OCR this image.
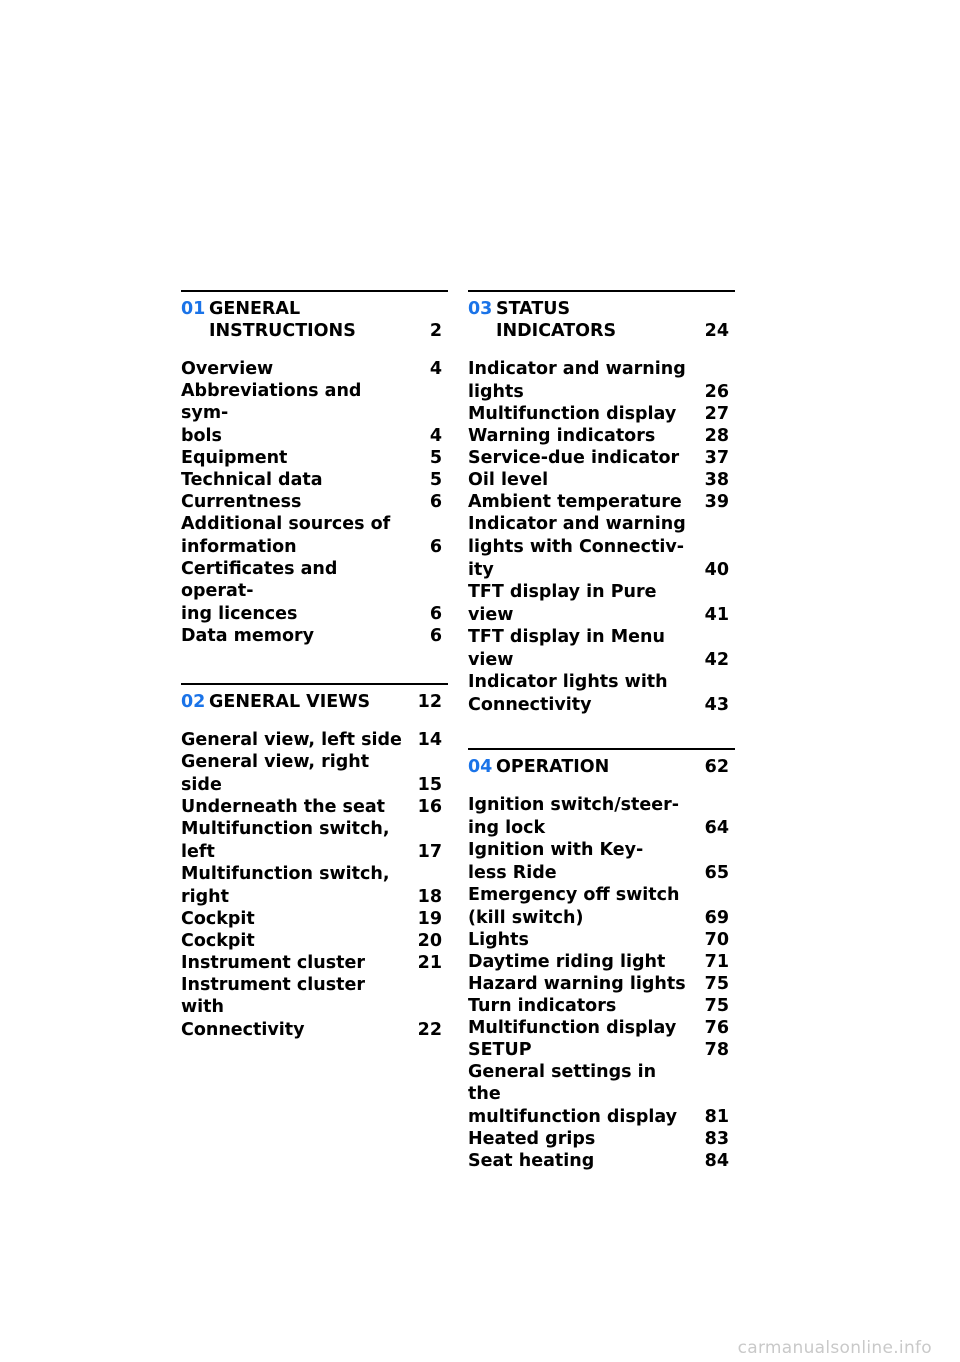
01 GENERAL
INSTRUCTIONS	2
Overview	4
Abbreviations and sym-
bols	4
Equipment	5
Technical data	5
Currentness	6
Additional sources of
information	6
Certificates and operat-
ing licences	6
Data memory	6
02 GENERAL VIEWS	12
General view, left side 14
General view, right
side	15
Underneath the seat	16
Multifunction switch,
left	17
Multifunction switch,
right	18
Cockpit	19
Cockpit	20
Instrument cluster	21
Instrument cluster with
Connectivity	22
03 STATUS
INDICATORS	24
Indicator and warning
lights	26
Multifunction display	27
Warning indicators	28
Service-due indicator	37
Oil level	38
Ambient temperature	39
Indicator and warning
lights with Connectiv-
ity	40
TFT display in Pure
view	41
TFT display in Menu
view	42
Indicator lights with
Connectivity	43
04 OPERATION	62
Ignition switch/steer-
ing lock	64
Ignition with Key-
less Ride	65
Emergency off switch
(kill switch)	69
Lights	70
Daytime riding light	71
Hazard warning lights	75
Turn indicators	75
Multifunction display	76
SETUP	78
General settings in the
multifunction display	81
Heated grips	83
Seat heating	84
carmanualsonline.info
